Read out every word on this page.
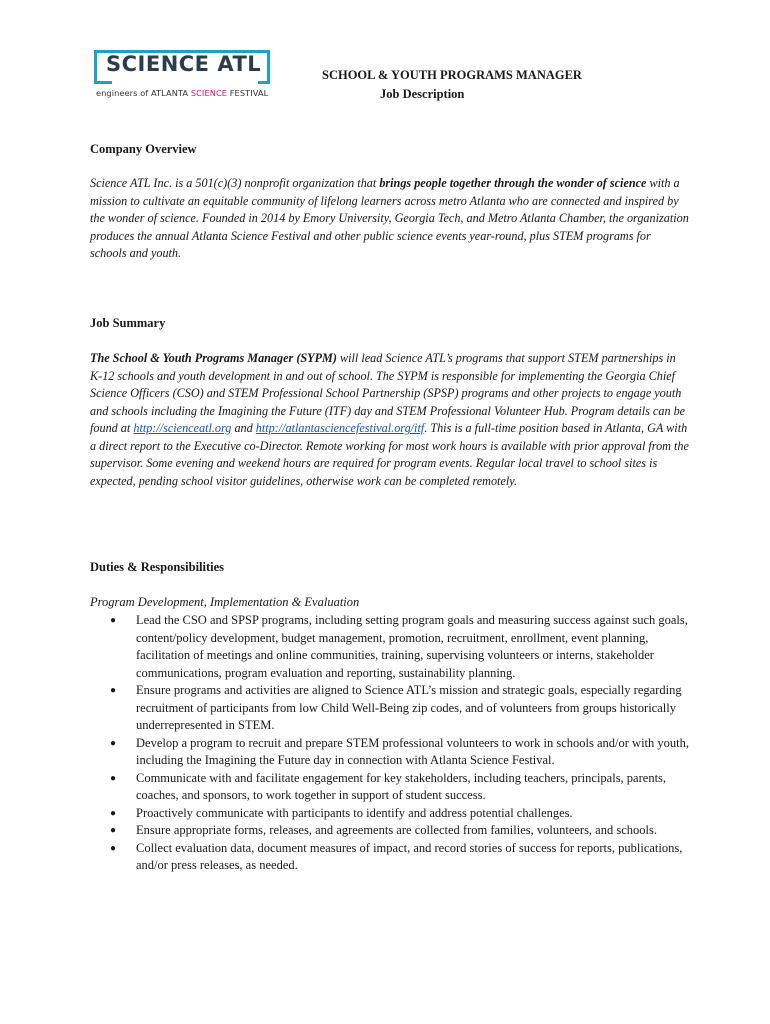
SCIENCE ATL
engineers of ATLANTA SCIENCE FESTIVAL
SCHOOL & YOUTH PROGRAMS MANAGER
Job Description
Company Overview
Science ATL Inc. is a 501(c)(3) nonprofit organization that brings people together through the wonder of science with a mission to cultivate an equitable community of lifelong learners across metro Atlanta who are connected and inspired by the wonder of science. Founded in 2014 by Emory University, Georgia Tech, and Metro Atlanta Chamber, the organization produces the annual Atlanta Science Festival and other public science events year-round, plus STEM programs for schools and youth.
Job Summary
The School & Youth Programs Manager (SYPM) will lead Science ATL’s programs that support STEM partnerships in K-12 schools and youth development in and out of school. The SYPM is responsible for implementing the Georgia Chief Science Officers (CSO) and STEM Professional School Partnership (SPSP) programs and other projects to engage youth and schools including the Imagining the Future (ITF) day and STEM Professional Volunteer Hub. Program details can be found at http://scienceatl.org and http://atlantasciencefestival.org/itf. This is a full-time position based in Atlanta, GA with a direct report to the Executive co-Director. Remote working for most work hours is available with prior approval from the supervisor. Some evening and weekend hours are required for program events. Regular local travel to school sites is expected, pending school visitor guidelines, otherwise work can be completed remotely.
Duties & Responsibilities
Program Development, Implementation & Evaluation
● Lead the CSO and SPSP programs, including setting program goals and measuring success against such goals, content/policy development, budget management, promotion, recruitment, enrollment, event planning, facilitation of meetings and online communities, training, supervising volunteers or interns, stakeholder communications, program evaluation and reporting, sustainability planning.
● Ensure programs and activities are aligned to Science ATL’s mission and strategic goals, especially regarding recruitment of participants from low Child Well-Being zip codes, and of volunteers from groups historically underrepresented in STEM.
● Develop a program to recruit and prepare STEM professional volunteers to work in schools and/or with youth, including the Imagining the Future day in connection with Atlanta Science Festival.
● Communicate with and facilitate engagement for key stakeholders, including teachers, principals, parents, coaches, and sponsors, to work together in support of student success.
● Proactively communicate with participants to identify and address potential challenges.
● Ensure appropriate forms, releases, and agreements are collected from families, volunteers, and schools.
● Collect evaluation data, document measures of impact, and record stories of success for reports, publications, and/or press releases, as needed.
